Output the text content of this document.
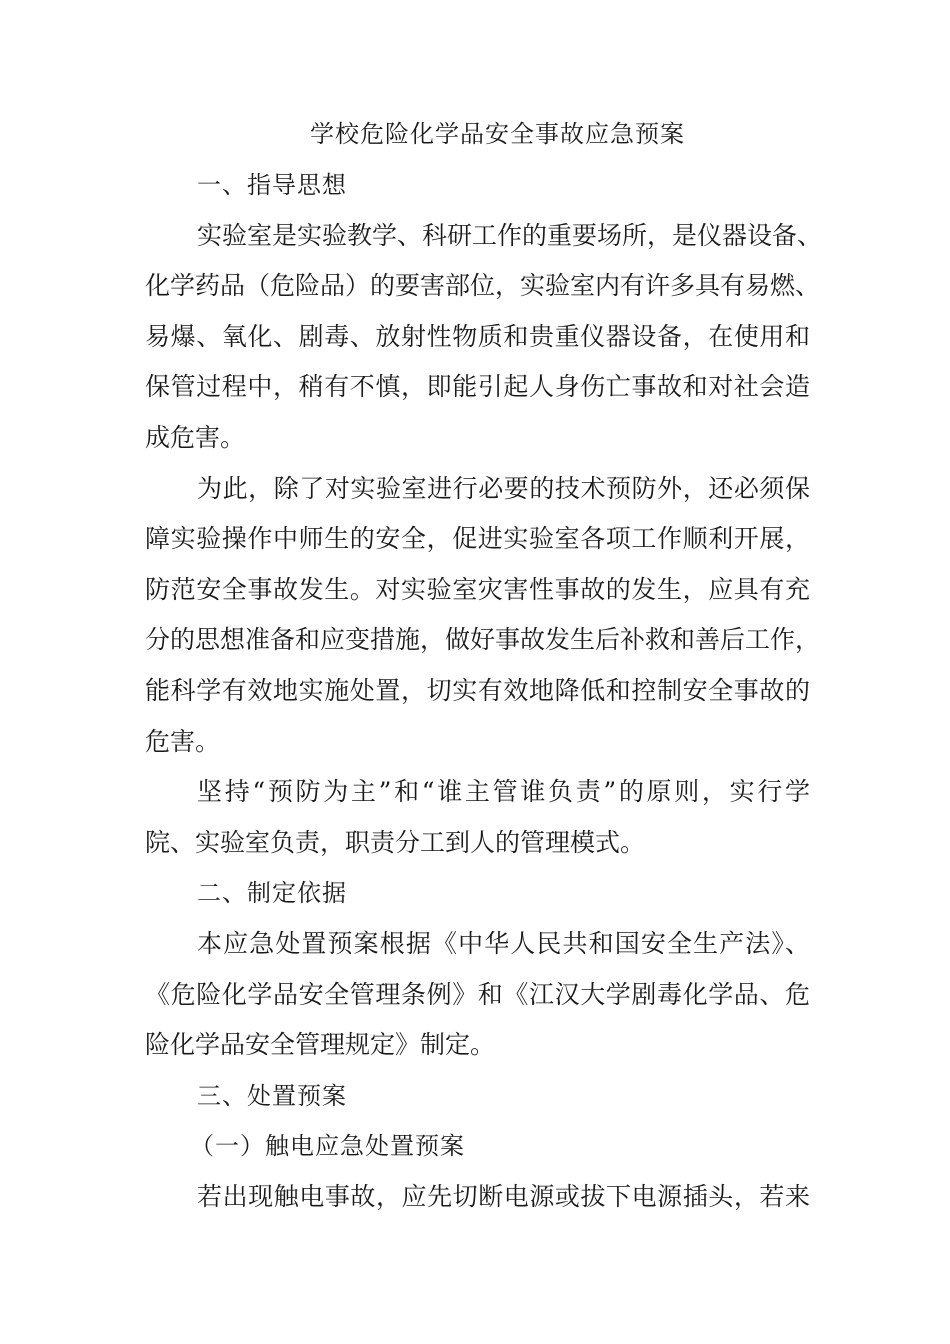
学校危险化学品安全事故应急预案

一、指导思想

实验室是实验教学、科研工作的重要场所，是仪器设备、

化学药品（危险品）的要害部位，实验室内有许多具有易燃、

易爆、氧化、剧毒、放射性物质和贵重仪器设备，在使用和

保管过程中，稍有不慎，即能引起人身伤亡事故和对社会造

成危害。

为此，除了对实验室进行必要的技术预防外，还必须保

障实验操作中师生的安全，促进实验室各项工作顺利开展，

防范安全事故发生。对实验室灾害性事故的发生，应具有充

分的思想准备和应变措施，做好事故发生后补救和善后工作，

能科学有效地实施处置，切实有效地降低和控制安全事故的

危害。

坚持“预防为主”和“谁主管谁负责”的原则，实行学

院、实验室负责，职责分工到人的管理模式。

二、制定依据

本应急处置预案根据《中华人民共和国安全生产法》、

《危险化学品安全管理条例》和《江汉大学剧毒化学品、危

险化学品安全管理规定》制定。

三、处置预案

（一）触电应急处置预案

若出现触电事故，应先切断电源或拔下电源插头，若来
